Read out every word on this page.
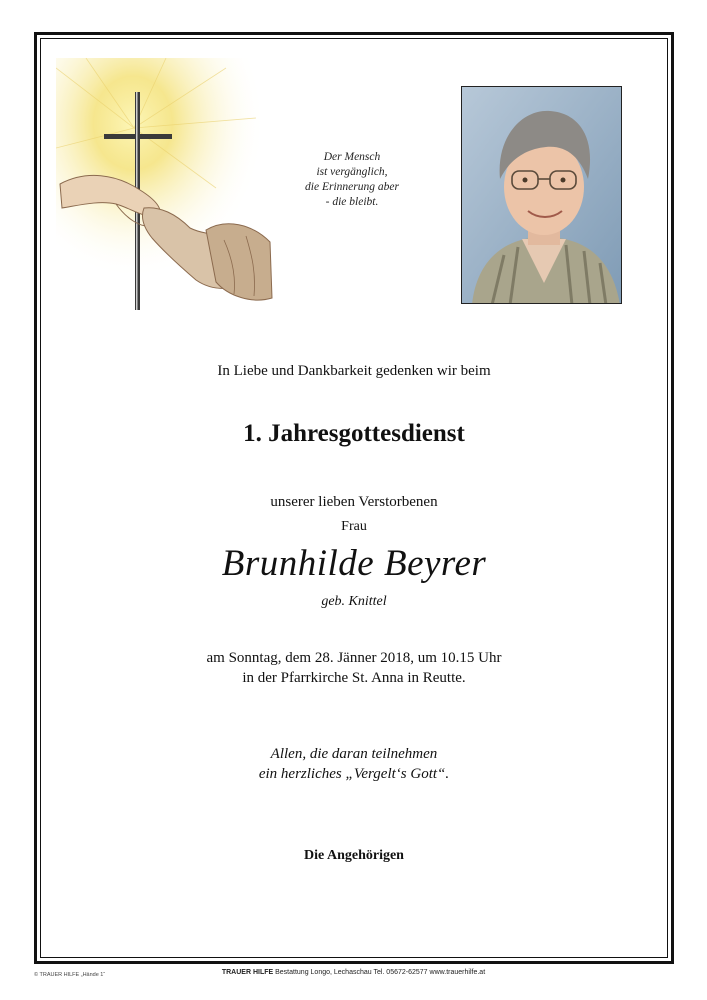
Der Mensch
ist vergänglich,
die Erinnerung aber
- die bleibt.
In Liebe und Dankbarkeit gedenken wir beim
1. Jahresgottesdienst
unserer lieben Verstorbenen
Frau
Brunhilde Beyrer
geb. Knittel
am Sonntag, dem 28. Jänner 2018, um 10.15 Uhr
in der Pfarrkirche St. Anna in Reutte.
Allen, die daran teilnehmen
ein herzliches „Vergelt‘s Gott“.
Die Angehörigen
© TRAUER HILFE „Hände 1“	TRAUER HILFE Bestattung Longo, Lechaschau Tel. 05672-62577 www.trauerhilfe.at
